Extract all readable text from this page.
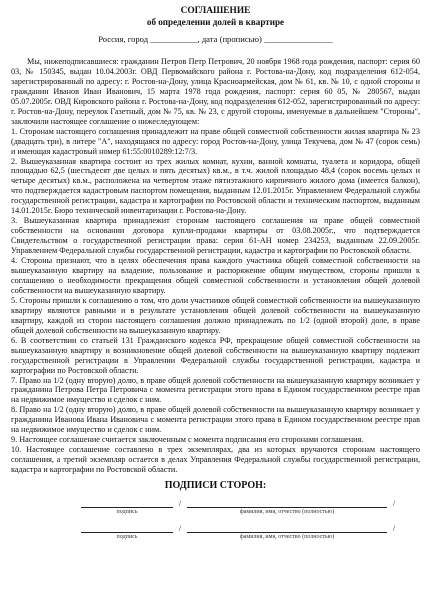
СОГЛАШЕНИЕ
об определении долей в квартире
Россия, город
___________ , дата (прописью)
________________

Мы, нижеподписавшиеся: гражданин Петров Петр Петрович, 20 ноября 1968 года рождения, паспорт: серия 60 03, № 150345, выдан 10.04.2003г. ОВД Первомайского района г. Ростова-на-Дону, код подразделения 612-054, зарегистрированный по адресу: г. Ростов-на-Дону, улица Красноармейская, дом № 61, кв. № 10, с одной стороны и гражданин Иванов Иван Иванович, 15 марта 1978 года рождения, паспорт: серия 60 05, № 280567, выдан 05.07.2005г. ОВД Кировского района г. Ростова-на-Дону, код подразделения 612-052, зарегистрированный по адресу: г. Ростов-на-Дону, переулок Газетный, дом № 75, кв. № 23, с другой стороны, именуемые в дальнейшем "Стороны", заключили настоящее соглашение о нижеследующем:

1. Сторонам настоящего соглашения принадлежит на праве общей совместной собственности жилая квартира № 23 (двадцать три), в литере "А", находящаяся по адресу: город Ростов-на-Дону, улица Текучева, дом № 47 (сорок семь) и имеющая кадастровый номер 61:55:0010289:12:7/3.

2. Вышеуказанная квартира состоит из трех жилых комнат, кухни, ванной комнаты, туалета и коридора, общей площадью 62,5 (шестьдесят две целых и пять десятых) кв.м., в т.ч. жилой площадью 48,4 (сорок восемь целых и четыре десятых) кв.м., расположена на четвертом этаже пятиэтажного кирпичного жилого дома (имеется балкон), что подтверждается кадастровым паспортом помещения, выданным 12.01.2015г. Управлением Федеральной службы государственной регистрации, кадастра и картографии по Ростовской области и техническим паспортом, выданным 14.01.2015г. Бюро технической инвентаризации г. Ростова-на-Дону.

3. Вышеуказанная квартира принадлежит сторонам настоящего соглашения на праве общей совместной собственности на основании договора купли-продажи квартиры от 03.08.2005г., что подтверждается Свидетельством о государственной регистрации права: серия 61-АН номер 234253, выданным 22.09.2005г. Управлением Федеральной службы государственной регистрации, кадастра и картографии по Ростовской области.

4. Стороны признают, что в целях обеспечения права каждого участника общей совместной собственности на вышеуказанную квартиру на владение, пользование и распоряжение общим имуществом, стороны пришли к соглашению о необходимости прекращения общей совместной собственности и установления общей долевой собственности на вышеуказанную квартиру.

5. Стороны пришли к соглашению о том, что доли участников общей совместной собственности на вышеуказанную квартиру являются равными и в результате установления общей долевой собственности на вышеуказанную квартиру, каждой из сторон настоящего соглашения должно принадлежать по 1/2 (одной второй) доле, в праве общей долевой собственности на вышеуказанную квартиру.

6. В соответствии со статьей 131 Гражданского кодекса РФ, прекращение общей совместной собственности на вышеуказанную квартиру и возникновение общей долевой собственности на вышеуказанную квартиру подлежит государственной регистрации в Управлении Федеральной службы государственной регистрации, кадастра и картографии по Ростовской области.

7. Право на 1/2 (одну вторую) долю, в праве общей долевой собственности на вышеуказанную квартиру возникает у гражданина Петрова Петра Петровича с момента регистрации этого права в Едином государственном реестре прав на недвижимое имущество и сделок с ним.

8. Право на 1/2 (одну вторую) долю, в праве общей долевой собственности на вышеуказанную квартиру возникает у гражданина Иванова Ивана Ивановича с момента регистрации этого права в Едином государственном реестре прав на недвижимое имущество и сделок с ним.

9. Настоящее соглашение считается заключенным с момента подписания его сторонами соглашения.

10. Настоящее соглашение составлено в трех экземплярах, два из которых вручаются сторонам настоящего соглашения, а третий экземпляр остается в делах Управления Федеральной службы государственной регистрации, кадастра и картографии по Ростовской области.

ПОДПИСИ СТОРОН:
подпись
/
фамилия, имя, отчество (полностью)
/
подпись
/
фамилия, имя, отчество (полностью)
/
